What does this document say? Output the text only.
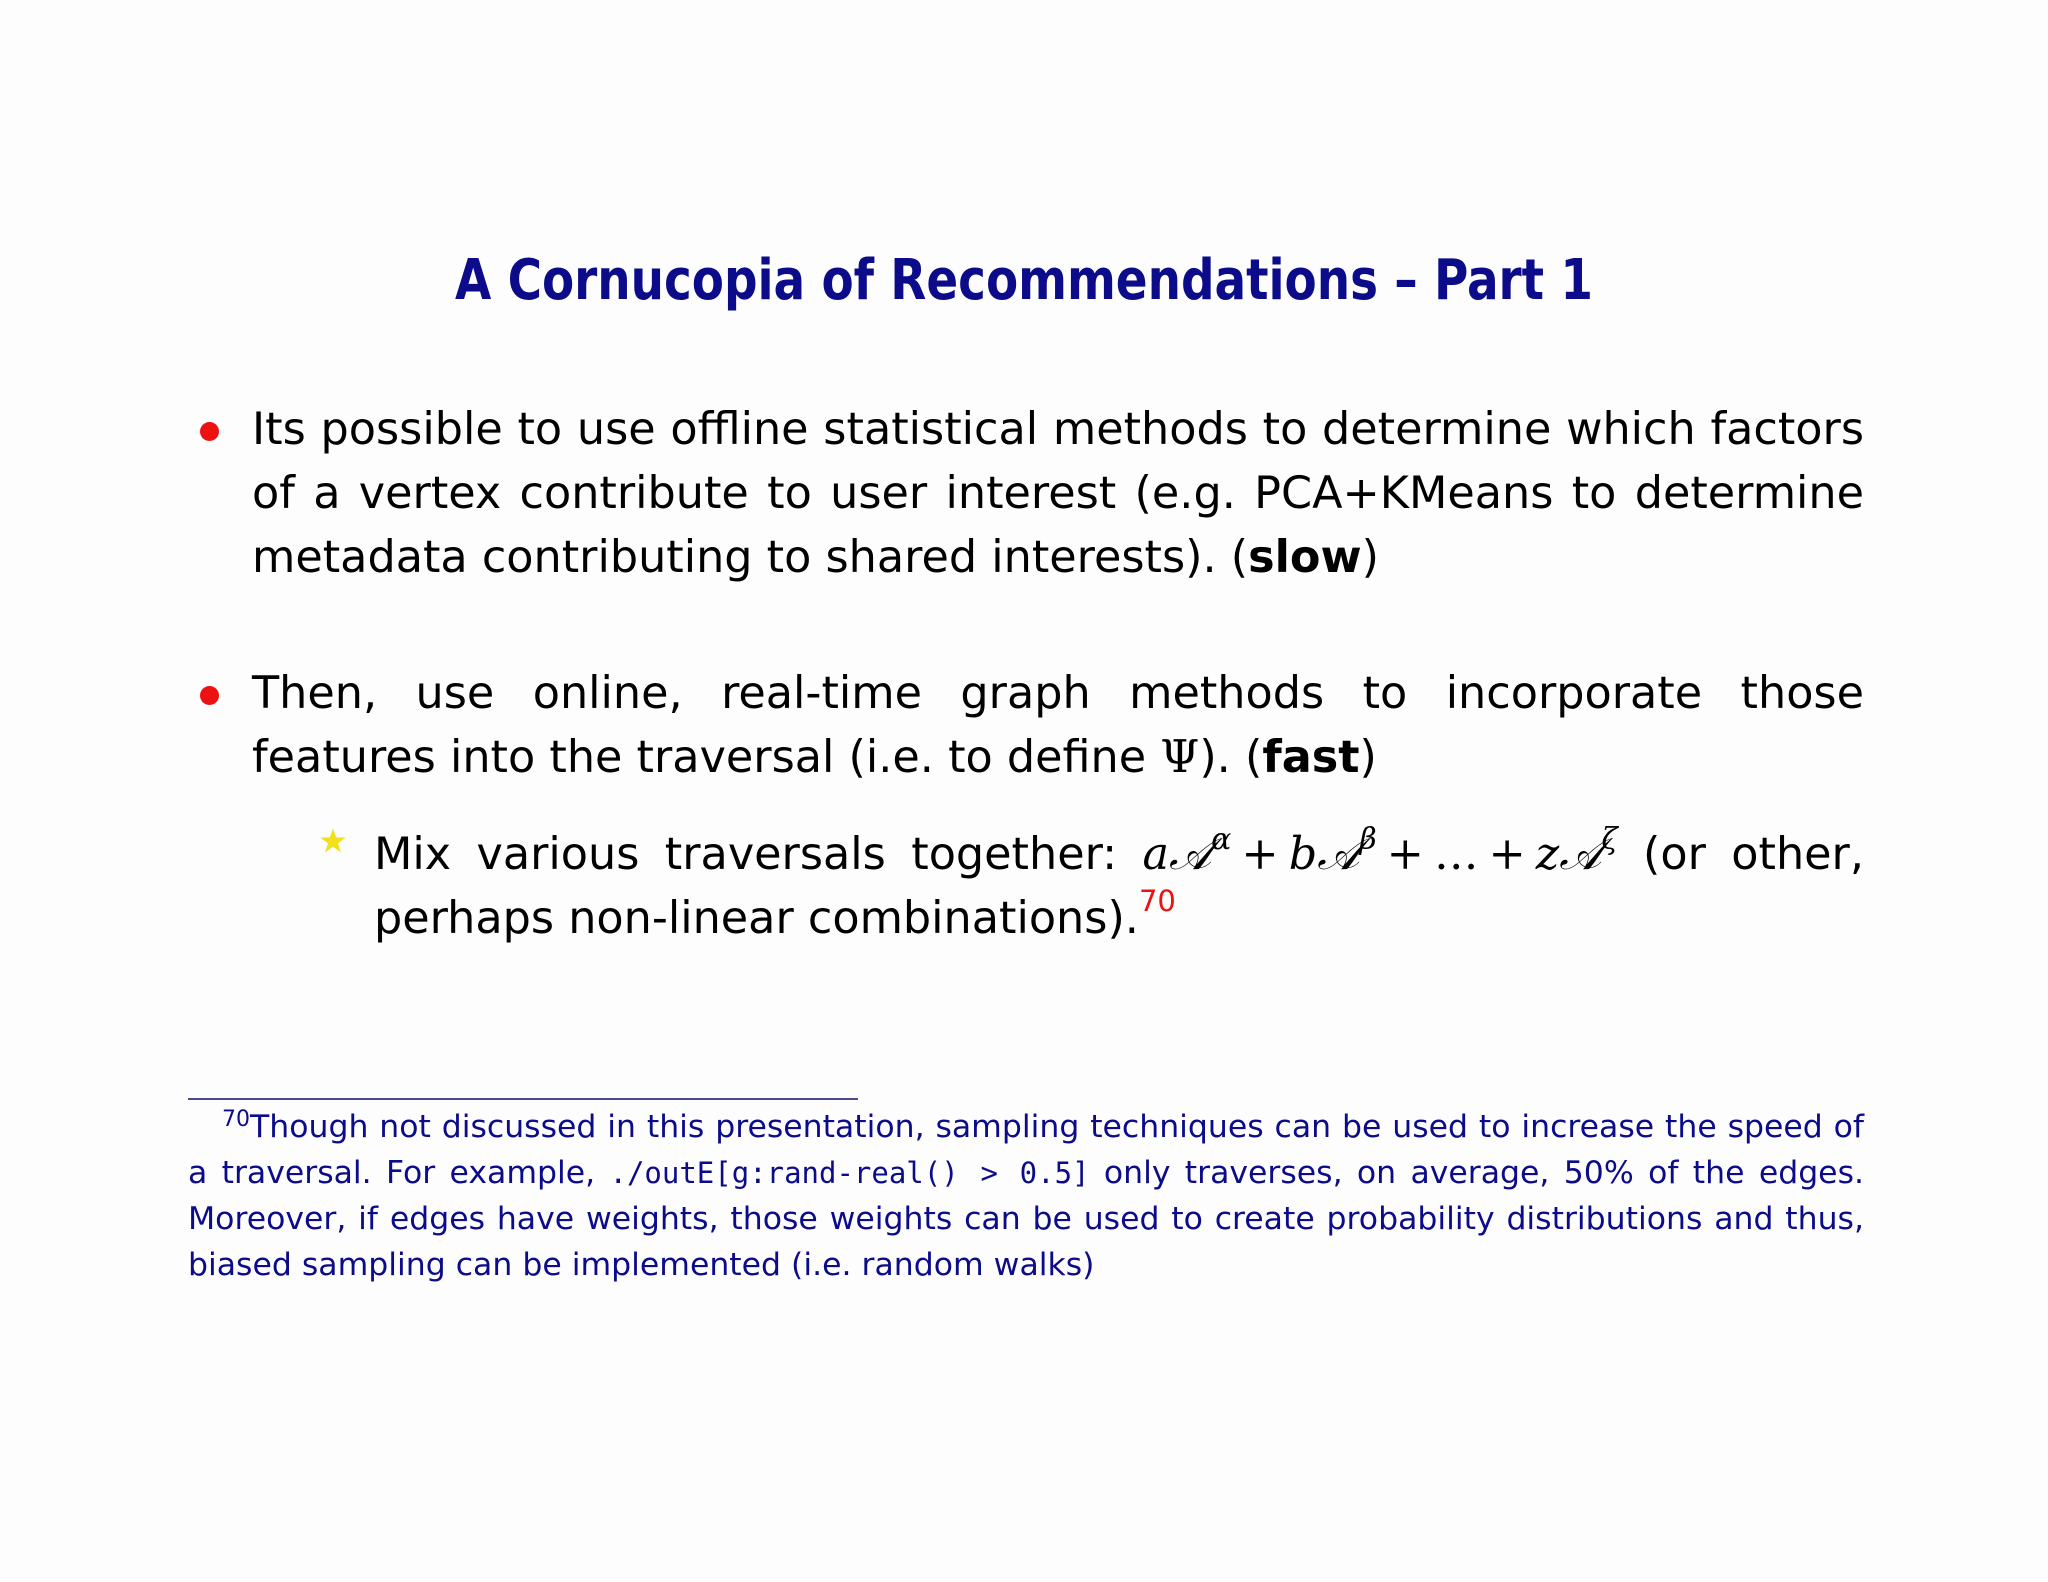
A Cornucopia of Recommendations – Part 1
Its possible to use offline statistical methods to determine which factors of a vertex contribute to user interest (e.g. PCA+KMeans to determine metadata contributing to shared interests). (slow)
Then, use online, real-time graph methods to incorporate those features into the traversal (i.e. to define Ψ). (fast)
Mix various traversals together: a𝒜$^\alpha$ + b𝒜$^\beta$ + … + z𝒜$^\zeta$ (or other, perhaps non-linear combinations).$^{70}$
$^{70}$Though not discussed in this presentation, sampling techniques can be used to increase the speed of a traversal. For example, ./outE[g:rand-real() > 0.5] only traverses, on average, 50% of the edges. Moreover, if edges have weights, those weights can be used to create probability distributions and thus, biased sampling can be implemented (i.e. random walks)
